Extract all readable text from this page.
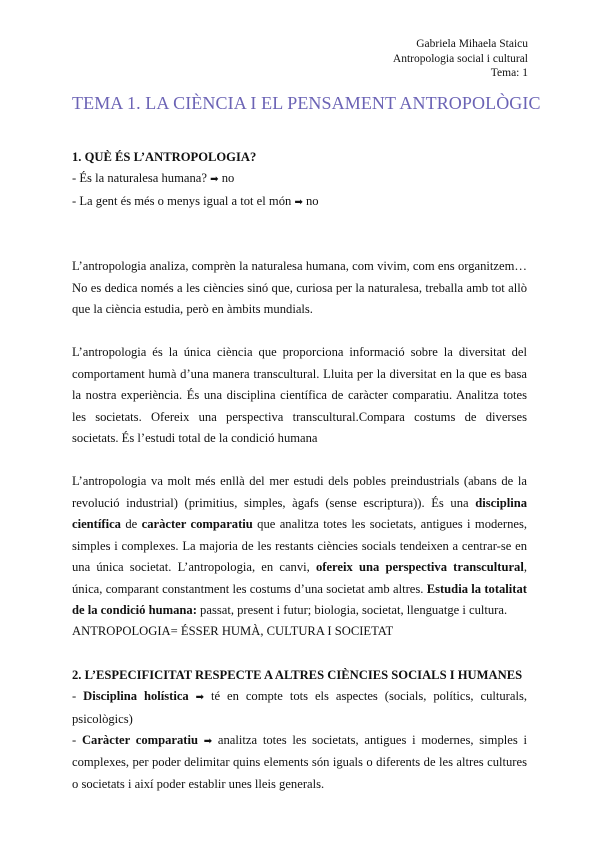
Gabriela Mihaela Staicu
Antropologia social i cultural
Tema: 1
TEMA 1. LA CIÈNCIA I EL PENSAMENT ANTROPOLÒGIC
1. QUÈ ÉS L’ANTROPOLOGIA?
- És la naturalesa humana? ➡ no
- La gent és més o menys igual a tot el món ➡ no

L’antropologia analiza, comprèn la naturalesa humana, com vivim, com ens organitzem… No es dedica només a les ciències sinó que, curiosa per la naturalesa, treballa amb tot allò que la ciència estudia, però en àmbits mundials.

L’antropologia és la única ciència que proporciona informació sobre la diversitat del comportament humà d’una manera transcultural. Lluita per la diversitat en la que es basa la nostra experiència. És una disciplina científica de caràcter comparatiu. Analitza totes les societats. Ofereix una perspectiva transcultural.Compara costums de diverses societats. És l’estudi total de la condició humana

L’antropologia va molt més enllà del mer estudi dels pobles preindustrials (abans de la revolució industrial) (primitius, simples, àgafs (sense escriptura)). És una disciplina científica de caràcter comparatiu que analitza totes les societats, antigues i modernes, simples i complexes. La majoria de les restants ciències socials tendeixen a centrar-se en una única societat. L’antropologia, en canvi, ofereix una perspectiva transcultural, única, comparant constantment les costums d’una societat amb altres. Estudia la totalitat de la condició humana: passat, present i futur; biologia, societat, llenguatge i cultura.

ANTROPOLOGIA= ÉSSER HUMÀ, CULTURA I SOCIETAT
2. L’ESPECIFICITAT RESPECTE A ALTRES CIÈNCIES SOCIALS I HUMANES

- Disciplina holística ➡ té en compte tots els aspectes (socials, polítics, culturals, psicològics)

- Caràcter comparatiu ➡ analitza totes les societats, antigues i modernes, simples i complexes, per poder delimitar quins elements són iguals o diferents de les altres cultures o societats i així poder establir unes lleis generals.
